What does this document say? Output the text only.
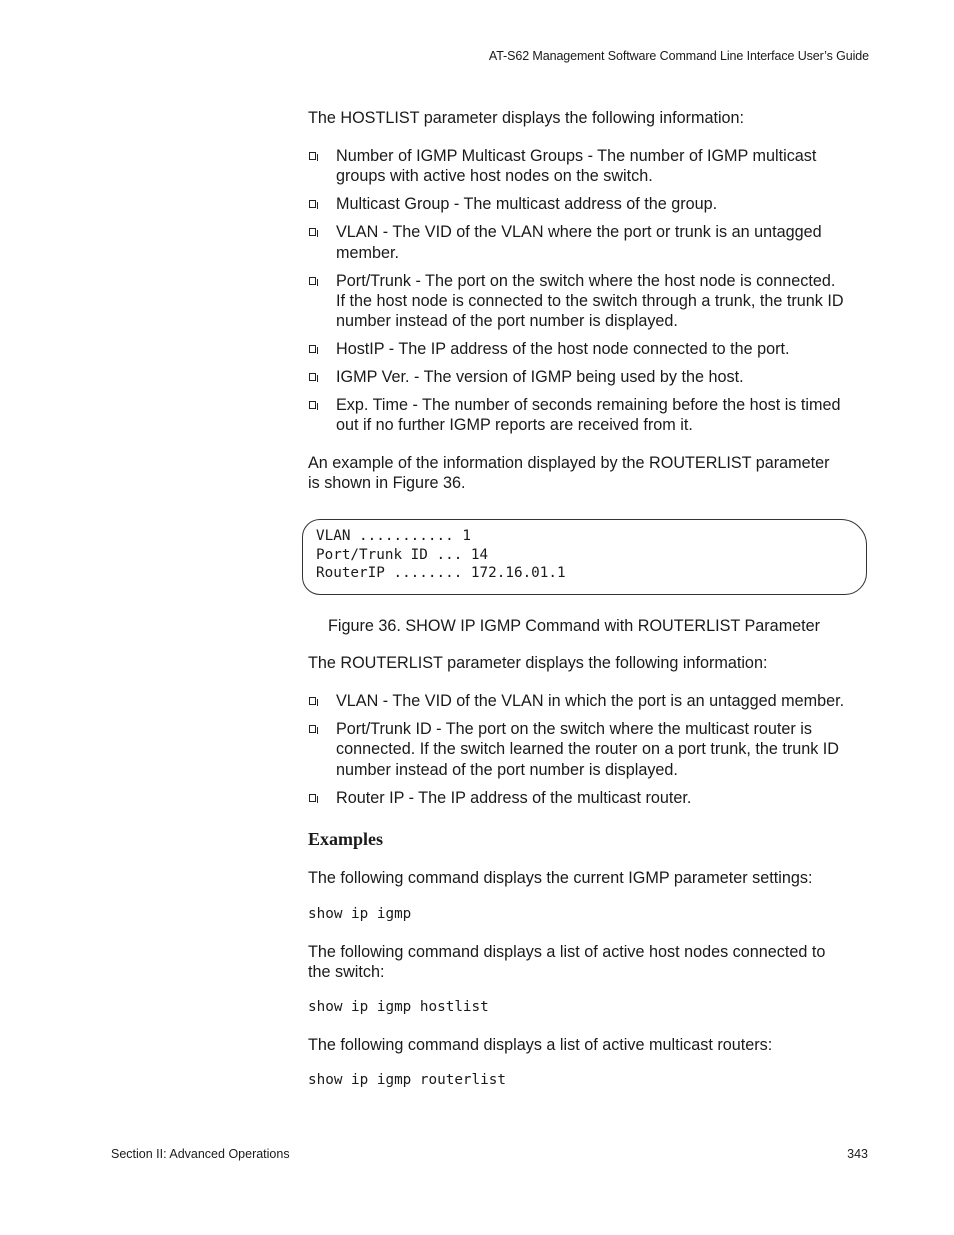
AT-S62 Management Software Command Line Interface User’s Guide

The HOSTLIST parameter displays the following information:

Number of IGMP Multicast Groups - The number of IGMP multicast
groups with active host nodes on the switch.
Multicast Group - The multicast address of the group.
VLAN - The VID of the VLAN where the port or trunk is an untagged
member.
Port/Trunk - The port on the switch where the host node is connected.
If the host node is connected to the switch through a trunk, the trunk ID
number instead of the port number is displayed.
HostIP - The IP address of the host node connected to the port.
IGMP Ver. - The version of IGMP being used by the host.
Exp. Time - The number of seconds remaining before the host is timed
out if no further IGMP reports are received from it.

An example of the information displayed by the ROUTERLIST parameter
is shown in Figure 36.

VLAN ........... 1

Port/Trunk ID ... 14

RouterIP ........ 172.16.01.1

Figure 36. SHOW IP IGMP Command with ROUTERLIST Parameter

The ROUTERLIST parameter displays the following information:

VLAN - The VID of the VLAN in which the port is an untagged member.
Port/Trunk ID - The port on the switch where the multicast router is
connected. If the switch learned the router on a port trunk, the trunk ID
number instead of the port number is displayed.
Router IP - The IP address of the multicast router.
Examples

The following command displays the current IGMP parameter settings:

show ip igmp

The following command displays a list of active host nodes connected to
the switch:

show ip igmp hostlist

The following command displays a list of active multicast routers:

show ip igmp routerlist

Section II: Advanced Operations	343
